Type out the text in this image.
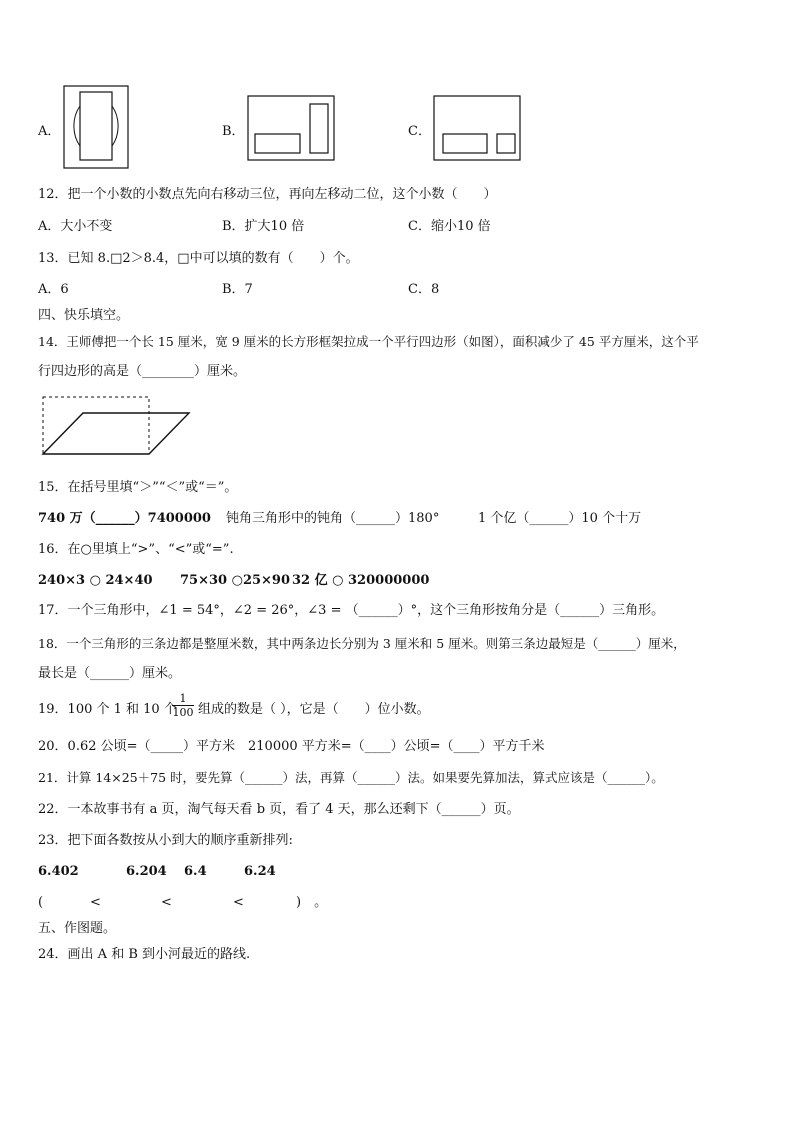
A．	B．	C．
12．把一个小数的小数点先向右移动三位，再向左移动二位，这个小数（　　）
A．大小不变	B．扩大10 倍	C．缩小10 倍
13．已知 8.□2＞8.4，□中可以填的数有（　　）个。
A．6	B．7	C．8
四、快乐填空。
14．王师傅把一个长 15 厘米，宽 9 厘米的长方形框架拉成一个平行四边形（如图），面积减少了 45 平方厘米，这个平
行四边形的高是（________）厘米。
15．在括号里填“＞”“＜”或“＝”。
740 万（______）7400000 钝角三角形中的钝角（______）180°	1 个亿（______）10 个十万
16．在○里填上“>”、“<”或“=”.
240×3 ○ 24×40 75×30 ○25×90 32 亿 ○ 320000000
17．一个三角形中，∠1 = 54°，∠2 = 26°，∠3 = （______）°，这个三角形按角分是（______）三角形。
18．一个三角形的三条边都是整厘米数，其中两条边长分别为 3 厘米和 5 厘米。则第三条边最短是（______）厘米，
最长是（______）厘米。
19．100 个 1 和 10 个
$\frac{1}{100}$ 组成的数是（ ），它是（　　）位小数。
20．0.62 公顷=（_____）平方米　210000 平方米=（____）公顷=（____）平方千米
21．计算 14×25＋75 时，要先算（______）法，再算（______）法。如果要先算加法，算式应该是（______）。
22．一本故事书有 a 页，淘气每天看 b 页，看了 4 天，那么还剩下（______）页。
23．把下面各数按从小到大的顺序重新排列:
6.402	6.204 6.4	6.24
(	<	<	<	)　。
五、作图题。
24．画出 A 和 B 到小河最近的路线.
